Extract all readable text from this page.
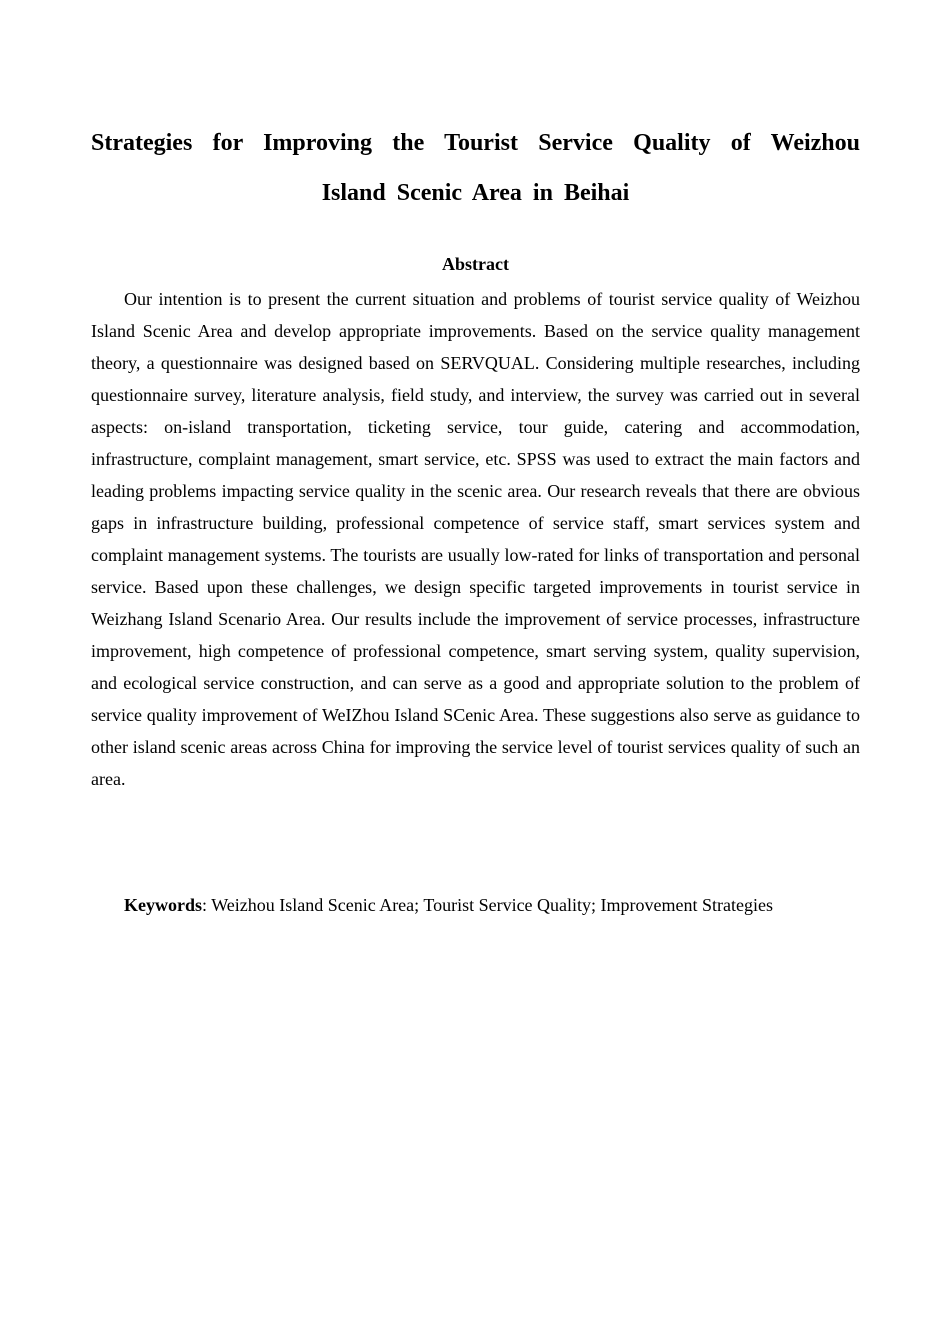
Strategies for Improving the Tourist Service Quality of Weizhou Island Scenic Area in Beihai
Abstract

Our intention is to present the current situation and problems of tourist service quality of Weizhou Island Scenic Area and develop appropriate improvements. Based on the service quality management theory, a questionnaire was designed based on SERVQUAL. Considering multiple researches, including questionnaire survey, literature analysis, field study, and interview, the survey was carried out in several aspects: on-island transportation, ticketing service, tour guide, catering and accommodation, infrastructure, complaint management, smart service, etc. SPSS was used to extract the main factors and leading problems impacting service quality in the scenic area. Our research reveals that there are obvious gaps in infrastructure building, professional competence of service staff, smart services system and complaint management systems. The tourists are usually low-rated for links of transportation and personal service. Based upon these challenges, we design specific targeted improvements in tourist service in Weizhang Island Scenario Area. Our results include the improvement of service processes, infrastructure improvement, high competence of professional competence, smart serving system, quality supervision, and ecological service construction, and can serve as a good and appropriate solution to the problem of service quality improvement of WeIZhou Island SCenic Area. These suggestions also serve as guidance to other island scenic areas across China for improving the service level of tourist services quality of such an area.

Keywords: Weizhou Island Scenic Area; Tourist Service Quality; Improvement Strategies
